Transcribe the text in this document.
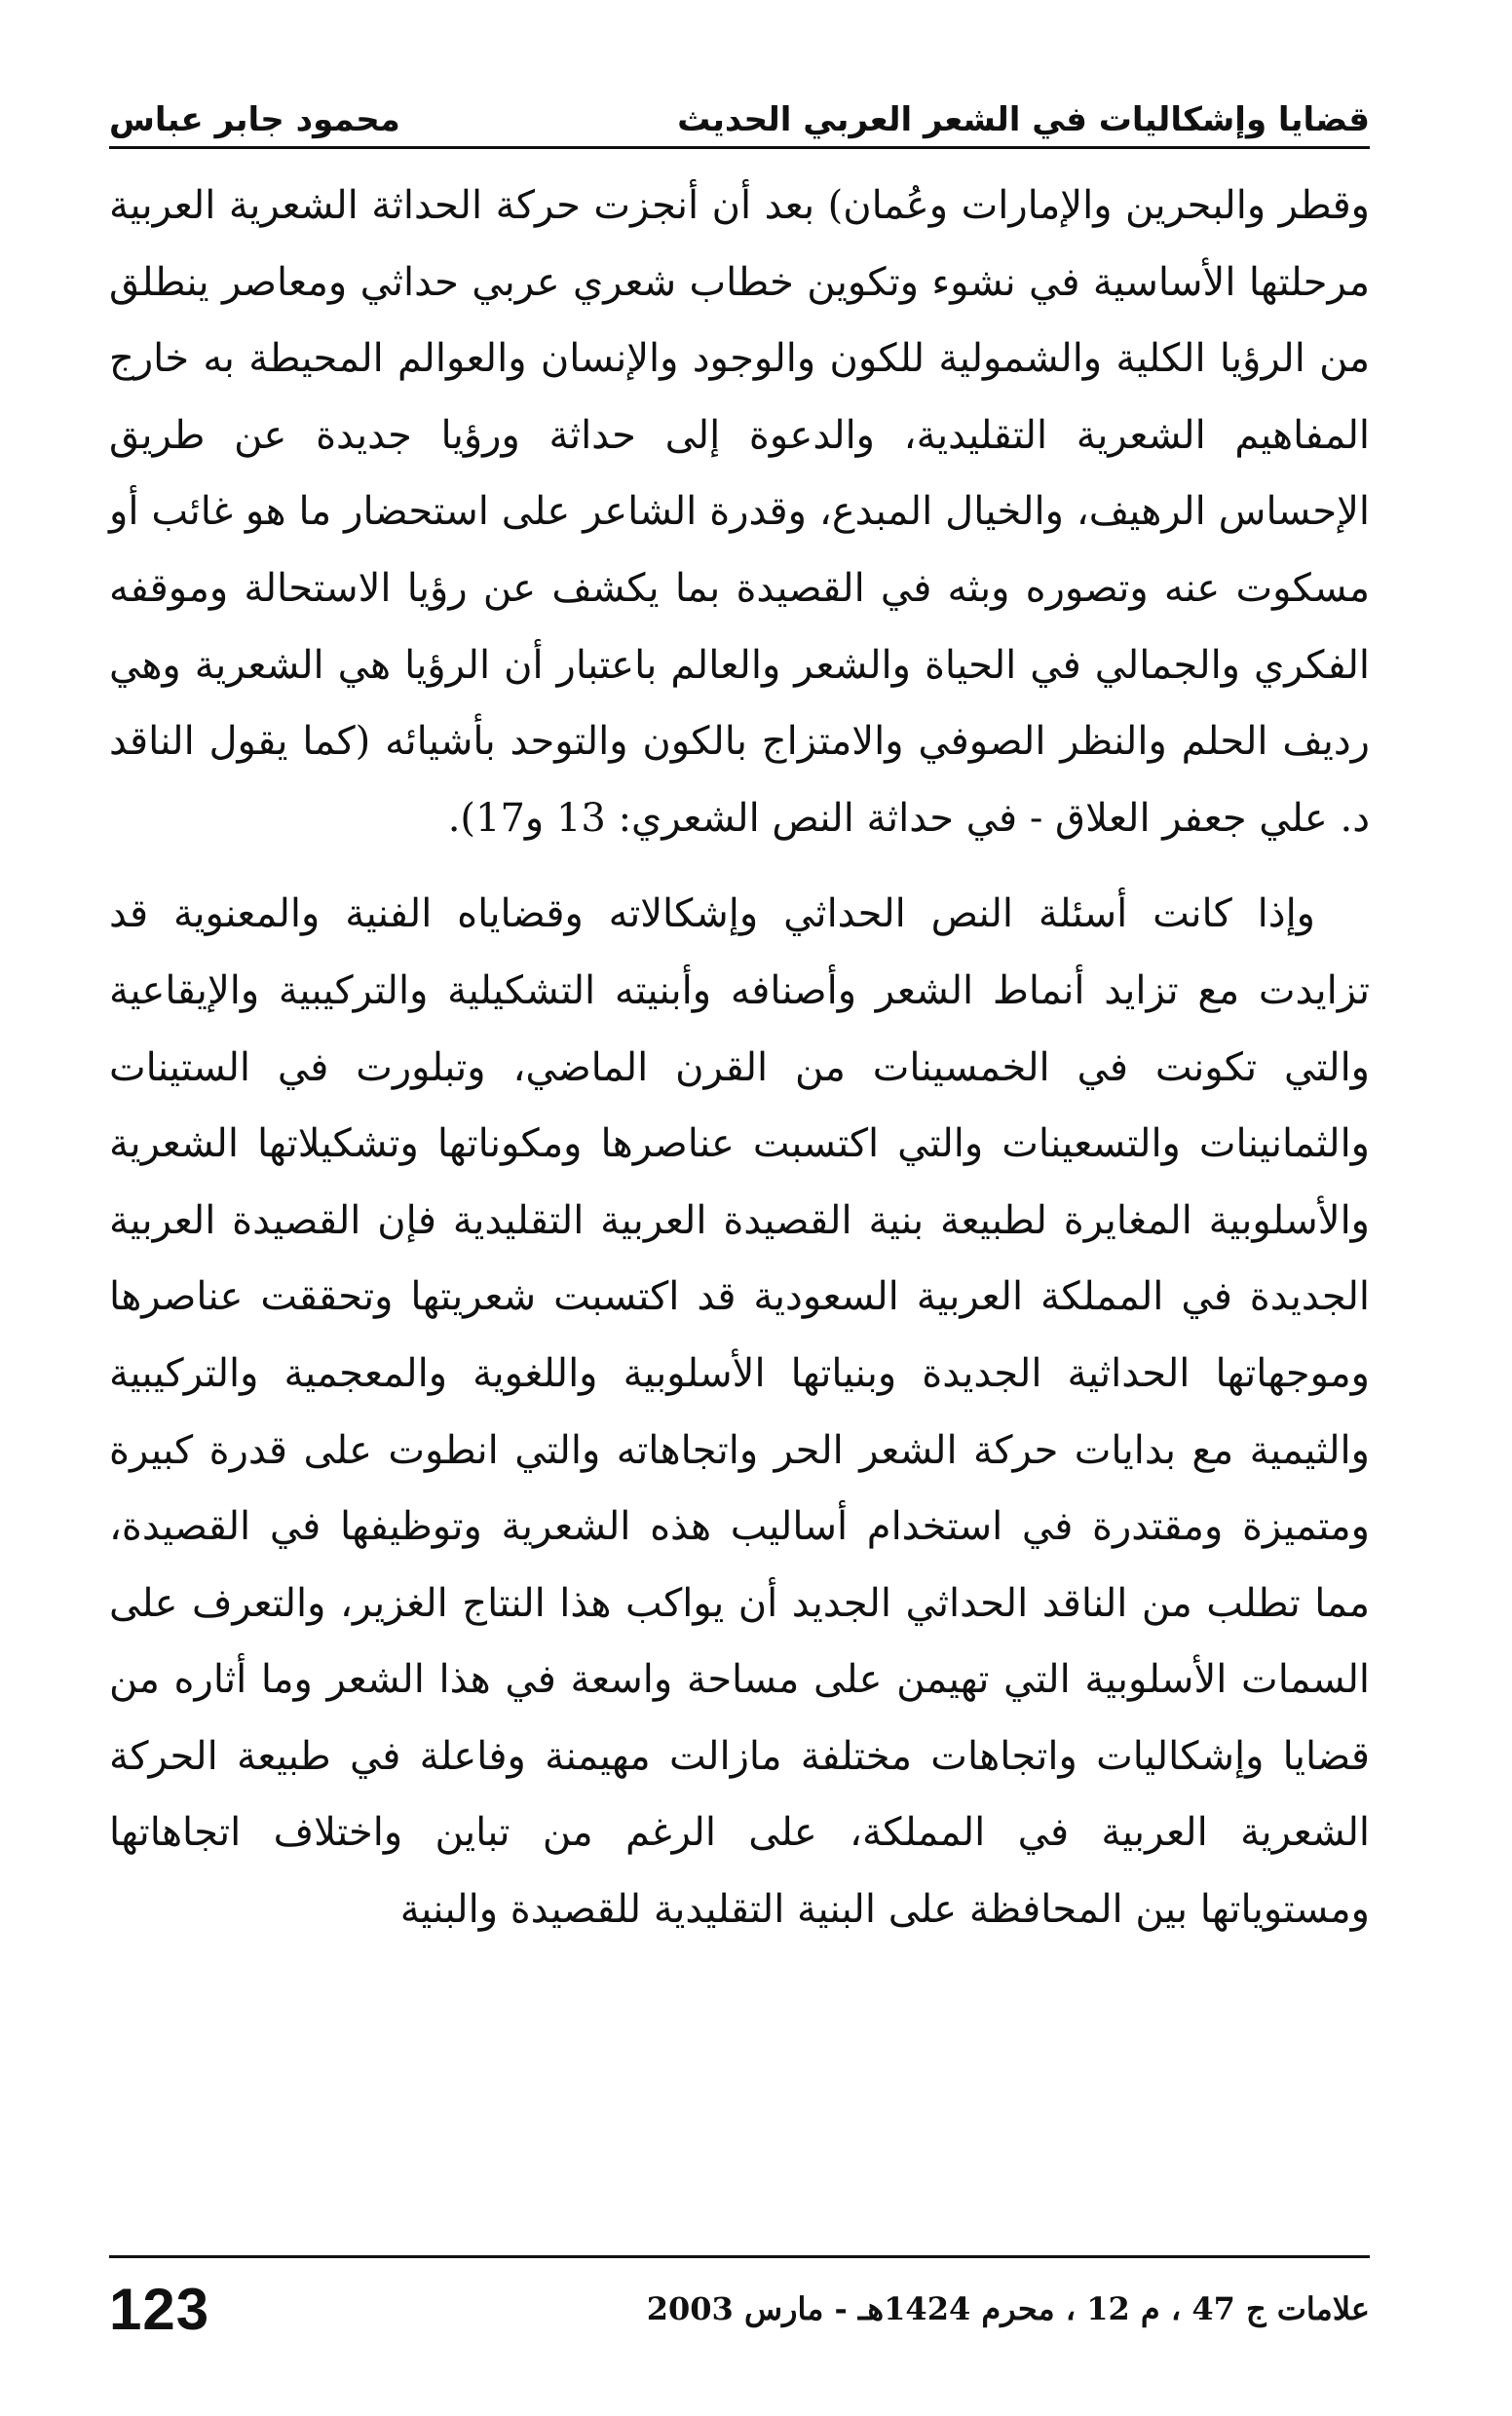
قضايا وإشكاليات في الشعر العربي الحديث
محمود جابر عباس

وقطر والبحرين والإمارات وعُمان) بعد أن أنجزت حركة الحداثة الشعرية العربية مرحلتها الأساسية في نشوء وتكوين خطاب شعري عربي حداثي ومعاصر ينطلق من الرؤيا الكلية والشمولية للكون والوجود والإنسان والعوالم المحيطة به خارج المفاهيم الشعرية التقليدية، والدعوة إلى حداثة ورؤيا جديدة عن طريق الإحساس الرهيف، والخيال المبدع، وقدرة الشاعر على استحضار ما هو غائب أو مسكوت عنه وتصوره وبثه في القصيدة بما يكشف عن رؤيا الاستحالة وموقفه الفكري والجمالي في الحياة والشعر والعالم باعتبار أن الرؤيا هي الشعرية وهي رديف الحلم والنظر الصوفي والامتزاج بالكون والتوحد بأشيائه (كما يقول الناقد د. علي جعفر العلاق - في حداثة النص الشعري: 13 و17).

وإذا كانت أسئلة النص الحداثي وإشكالاته وقضاياه الفنية والمعنوية قد تزايدت مع تزايد أنماط الشعر وأصنافه وأبنيته التشكيلية والتركيبية والإيقاعية والتي تكونت في الخمسينات من القرن الماضي، وتبلورت في الستينات والثمانينات والتسعينات والتي اكتسبت عناصرها ومكوناتها وتشكيلاتها الشعرية والأسلوبية المغايرة لطبيعة بنية القصيدة العربية التقليدية فإن القصيدة العربية الجديدة في المملكة العربية السعودية قد اكتسبت شعريتها وتحققت عناصرها وموجهاتها الحداثية الجديدة وبنياتها الأسلوبية واللغوية والمعجمية والتركيبية والثيمية مع بدايات حركة الشعر الحر واتجاهاته والتي انطوت على قدرة كبيرة ومتميزة ومقتدرة في استخدام أساليب هذه الشعرية وتوظيفها في القصيدة، مما تطلب من الناقد الحداثي الجديد أن يواكب هذا النتاج الغزير، والتعرف على السمات الأسلوبية التي تهيمن على مساحة واسعة في هذا الشعر وما أثاره من قضايا وإشكاليات واتجاهات مختلفة مازالت مهيمنة وفاعلة في طبيعة الحركة الشعرية العربية في المملكة، على الرغم من تباين واختلاف اتجاهاتها ومستوياتها بين المحافظة على البنية التقليدية للقصيدة والبنية

علامات ج 47 ، م 12 ، محرم 1424هـ - مارس 2003
123
